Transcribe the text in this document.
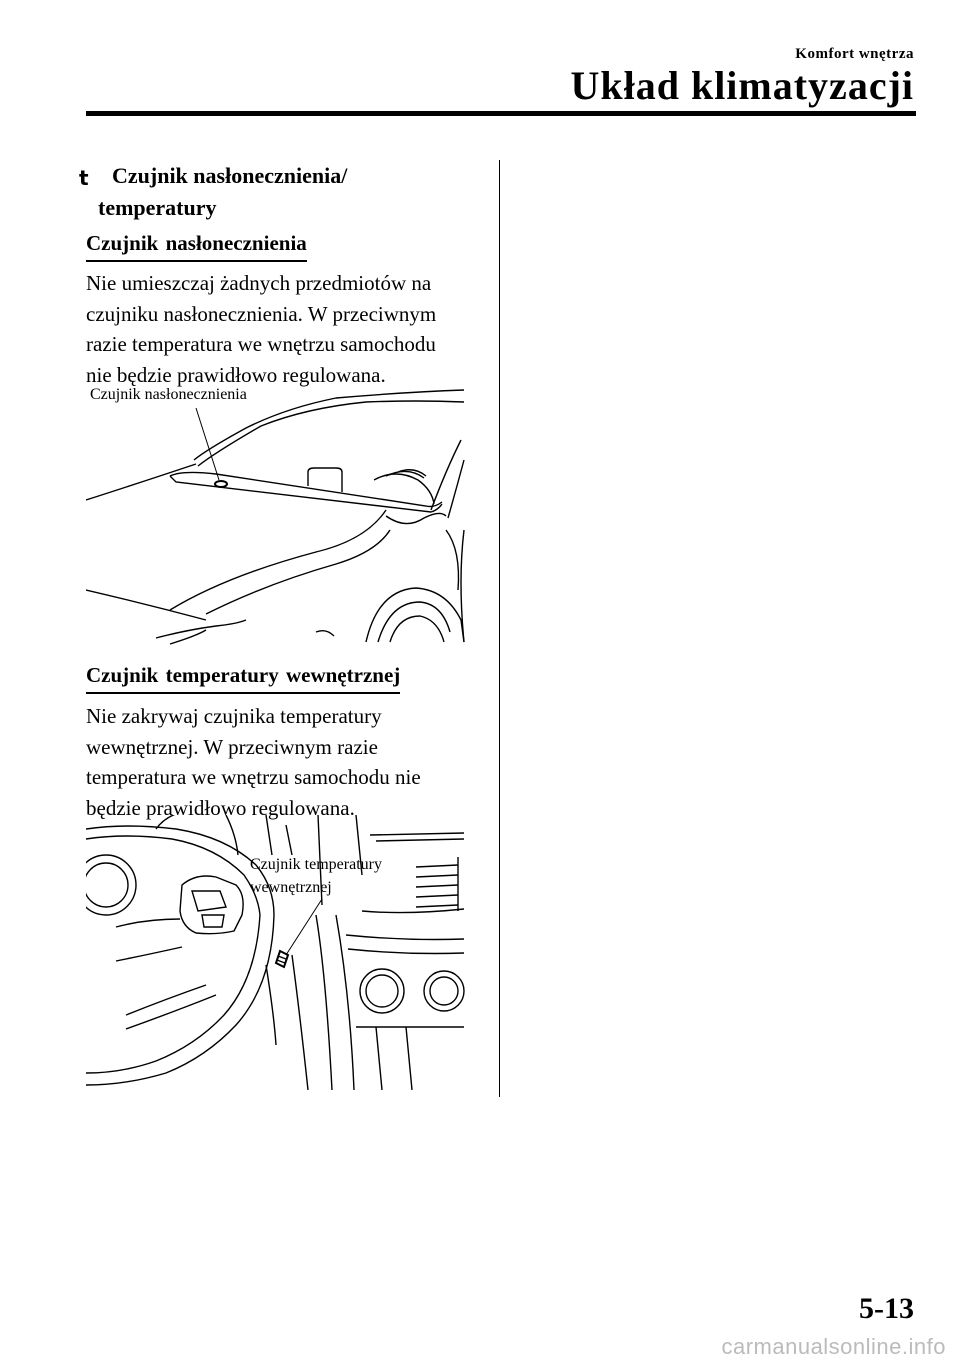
Komfort wnętrza
Układ klimatyzacji
t Czujnik nasłonecznienia/
temperatury
Czujnik nasłonecznienia
Nie umieszczaj żadnych przedmiotów na
czujniku nasłonecznienia. W przeciwnym
razie temperatura we wnętrzu samochodu
nie będzie prawidłowo regulowana.
Czujnik nasłonecznienia
Czujnik temperatury wewnętrznej
Nie zakrywaj czujnika temperatury
wewnętrznej. W przeciwnym razie
temperatura we wnętrzu samochodu nie
będzie prawidłowo regulowana.
Czujnik temperatury
wewnętrznej
5-13
carmanualsonline.info
